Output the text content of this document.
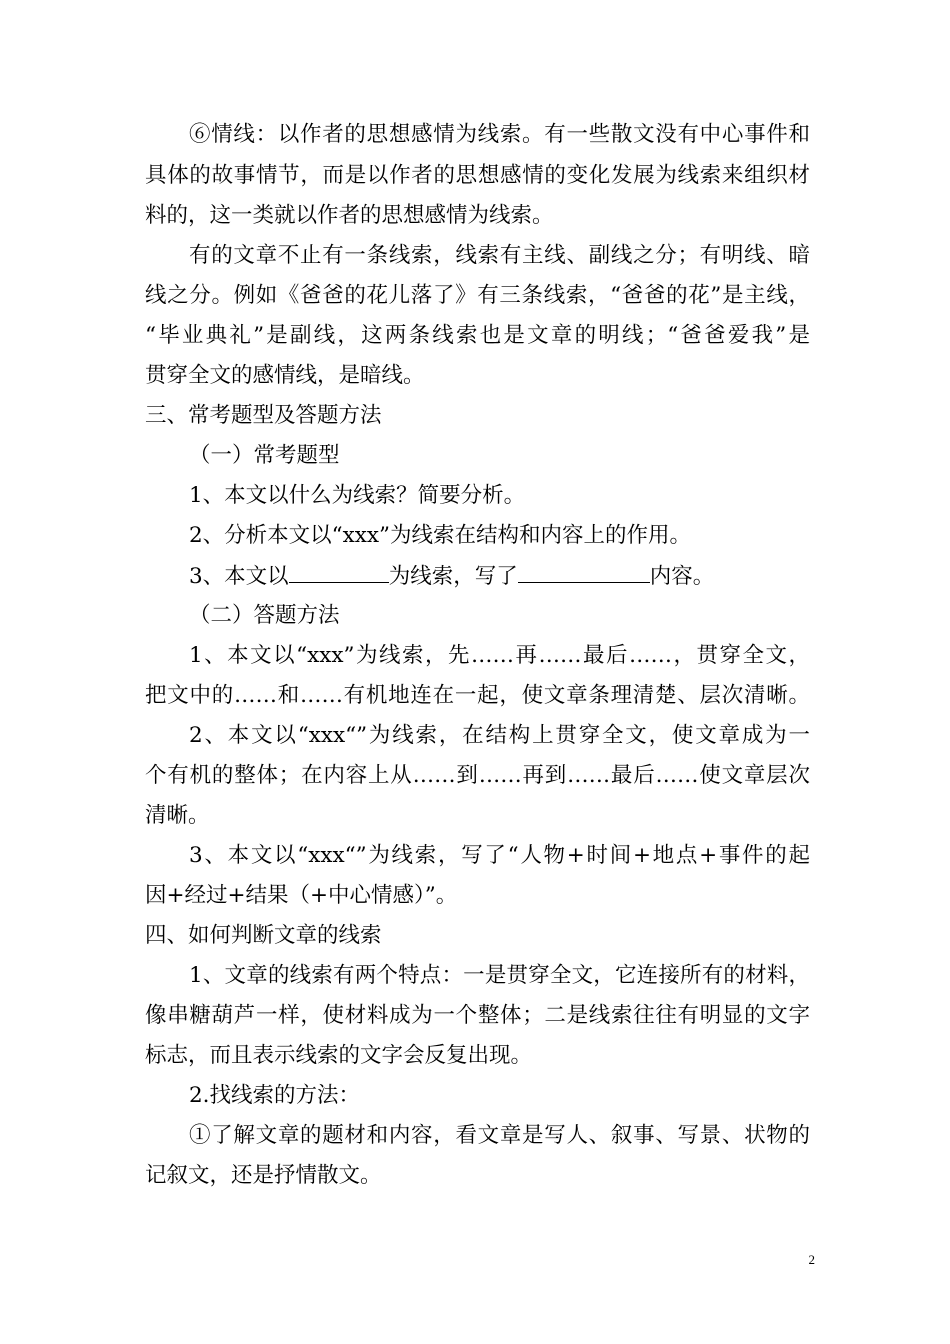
⑥情线：以作者的思想感情为线索。有一些散文没有中心事件和
具体的故事情节，而是以作者的思想感情的变化发展为线索来组织材
料的，这一类就以作者的思想感情为线索。
有的文章不止有一条线索，线索有主线、副线之分；有明线、暗
线之分。例如《爸爸的花儿落了》有三条线索，“爸爸的花”是主线，
“毕业典礼”是副线，这两条线索也是文章的明线；“爸爸爱我”是
贯穿全文的感情线，是暗线。
三、常考题型及答题方法
（一）常考题型
1、本文以什么为线索？简要分析。
2、分析本文以“xxx”为线索在结构和内容上的作用。
3、本文以	为线索，写了	内容。
（二）答题方法
1、本文以“xxx”为线索，先……再……最后……，贯穿全文，
把文中的……和……有机地连在一起，使文章条理清楚、层次清晰。
2、本文以“xxx“”为线索，在结构上贯穿全文，使文章成为一
个有机的整体；在内容上从……到……再到……最后……使文章层次
清晰。
3、本文以“xxx“”为线索，写了“人物+时间+地点+事件的起
因+经过+结果（+中心情感）”。
四、如何判断文章的线索
1、文章的线索有两个特点：一是贯穿全文，它连接所有的材料，
像串糖葫芦一样，使材料成为一个整体；二是线索往往有明显的文字
标志，而且表示线索的文字会反复出现。
2.找线索的方法：
①了解文章的题材和内容，看文章是写人、叙事、写景、状物的
记叙文，还是抒情散文。
2
